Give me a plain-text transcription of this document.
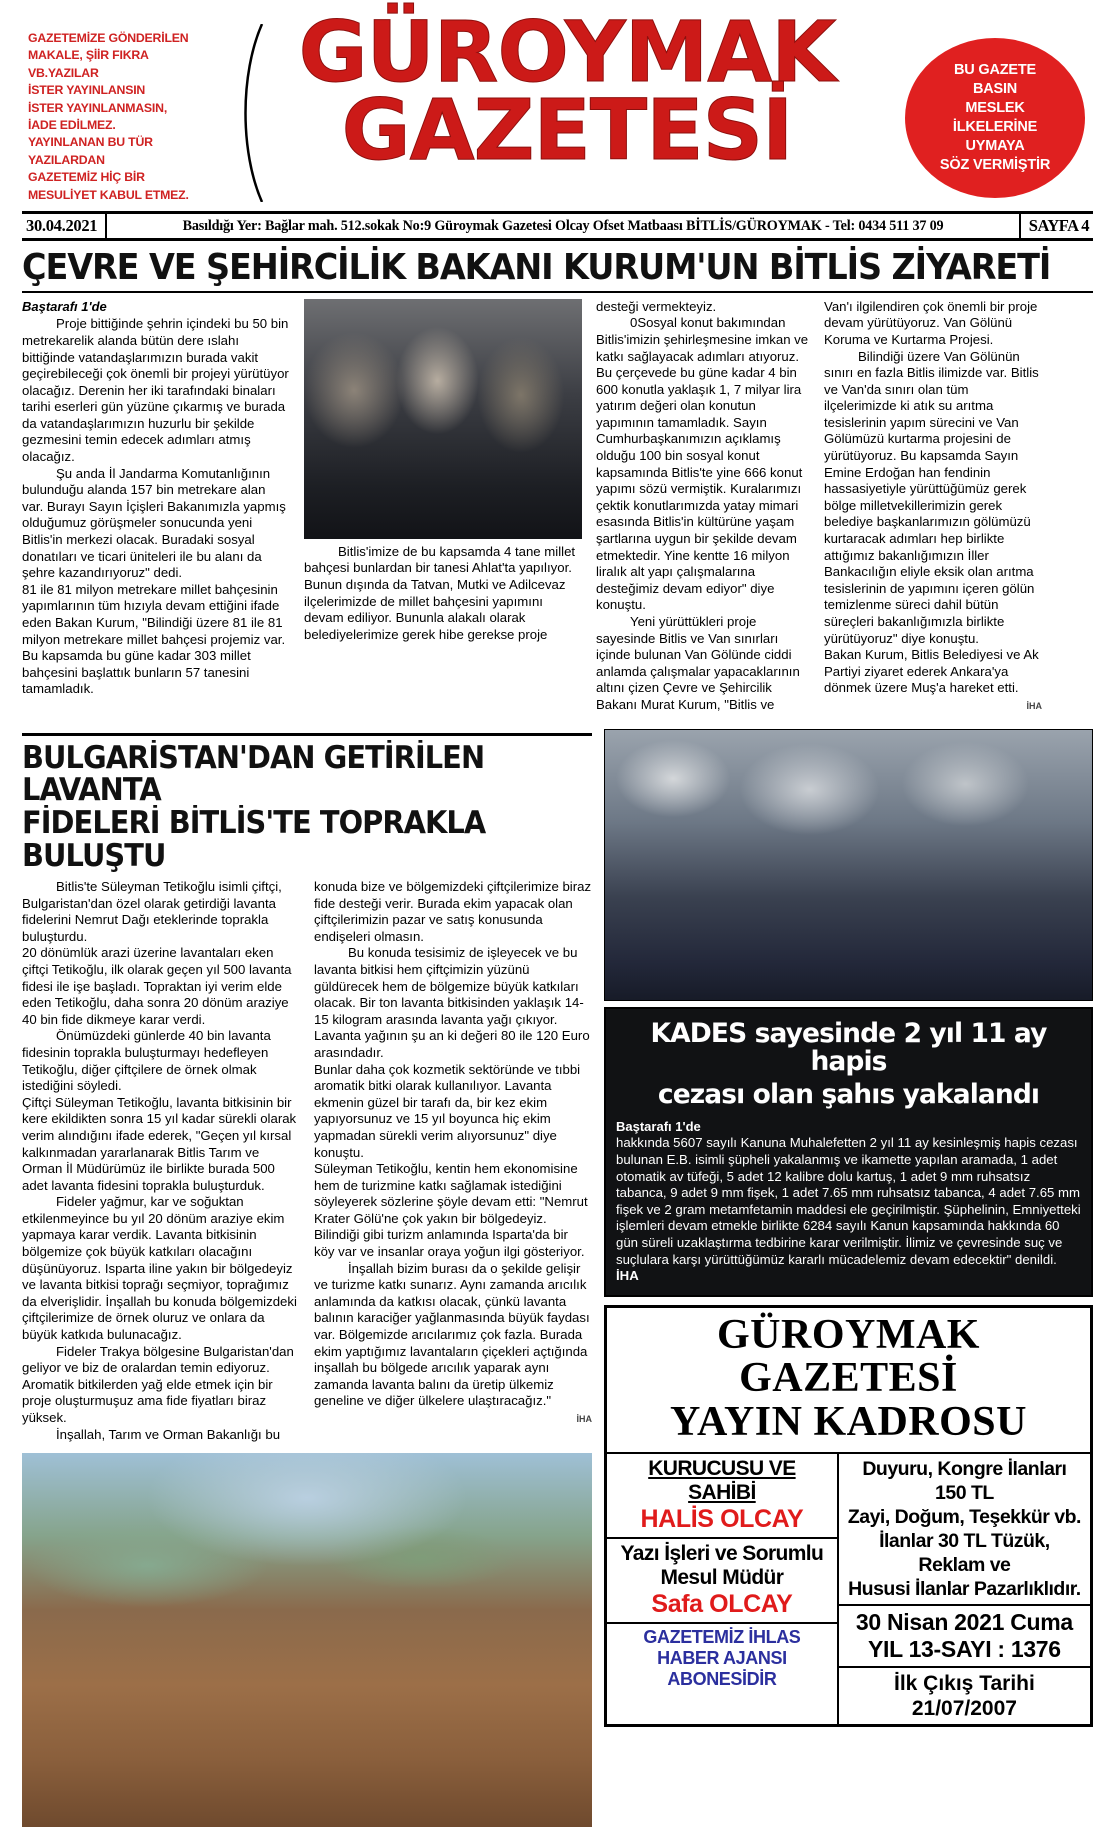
GAZETEMİZE GÖNDERİLEN
MAKALE, ŞİİR FIKRA
VB.YAZILAR
İSTER YAYINLANSIN
İSTER YAYINLANMASIN,
İADE EDİLMEZ.
YAYINLANAN BU TÜR
YAZILARDAN
GAZETEMİZ HİÇ BİR
MESULİYET KABUL ETMEZ.
GÜROYMAK
GAZETESİ
BU GAZETE
BASIN
MESLEK
İLKELERİNE
UYMAYA
SÖZ VERMİŞTİR
30.04.2021	Basıldığı Yer: Bağlar mah. 512.sokak No:9 Güroymak Gazetesi Olcay Ofset Matbaası BİTLİS/GÜROYMAK - Tel: 0434 511 37 09	SAYFA 4
ÇEVRE VE ŞEHİRCİLİK BAKANI KURUM'UN BİTLİS ZİYARETİ
Baştarafı 1'de

Proje bittiğinde şehrin içindeki bu 50 bin metrekarelik alanda bütün dere ıslahı bittiğinde vatandaşlarımızın burada vakit geçirebileceği çok önemli bir projeyi yürütüyor olacağız. Derenin her iki tarafındaki binaları tarihi eserleri gün yüzüne çıkarmış ve burada da vatandaşlarımızın huzurlu bir şekilde gezmesini temin edecek adımları atmış olacağız.

Şu anda İl Jandarma Komutanlığının bulunduğu alanda 157 bin metrekare alan var. Burayı Sayın İçişleri Bakanımızla yapmış olduğumuz görüşmeler sonucunda yeni Bitlis'in merkezi olacak. Buradaki sosyal donatıları ve ticari üniteleri ile bu alanı da şehre kazandırıyoruz" dedi.

81 ile 81 milyon metrekare millet bahçesinin yapımlarının tüm hızıyla devam ettiğini ifade eden Bakan Kurum, "Bilindiği üzere 81 ile 81 milyon metrekare millet bahçesi projemiz var. Bu kapsamda bu güne kadar 303 millet bahçesini başlattık bunların 57 tanesini tamamladık.

Bitlis'imize de bu kapsamda 4 tane millet bahçesi bunlardan bir tanesi Ahlat'ta yapılıyor. Bunun dışında da Tatvan, Mutki ve Adilcevaz ilçelerimizde de millet bahçesini yapımını devam ediliyor. Bununla alakalı olarak belediyelerimize gerek hibe gerekse proje

desteği vermekteyiz.

0Sosyal konut bakımından Bitlis'imizin şehirleşmesine imkan ve katkı sağlayacak adımları atıyoruz. Bu çerçevede bu güne kadar 4 bin 600 konutla yaklaşık 1, 7 milyar lira yatırım değeri olan konutun yapımının tamamladık. Sayın Cumhurbaşkanımızın açıklamış olduğu 100 bin sosyal konut kapsamında Bitlis'te yine 666 konut yapımı sözü vermiştik. Kuralarımızı çektik konutlarımızda yatay mimari esasında Bitlis'in kültürüne yaşam şartlarına uygun bir şekilde devam etmektedir. Yine kentte 16 milyon liralık alt yapı çalışmalarına desteğimiz devam ediyor" diye konuştu.

Yeni yürüttükleri proje sayesinde Bitlis ve Van sınırları içinde bulunan Van Gölünde ciddi anlamda çalışmalar yapacaklarının altını çizen Çevre ve Şehircilik Bakanı Murat Kurum, "Bitlis ve

Van'ı ilgilendiren çok önemli bir proje devam yürütüyoruz. Van Gölünü Koruma ve Kurtarma Projesi.

Bilindiği üzere Van Gölünün sınırı en fazla Bitlis ilimizde var. Bitlis ve Van'da sınırı olan tüm ilçelerimizde ki atık su arıtma tesislerinin yapım sürecini ve Van Gölümüzü kurtarma projesini de yürütüyoruz. Bu kapsamda Sayın Emine Erdoğan han fendinin hassasiyetiyle yürüttüğümüz gerek bölge milletvekillerimizin gerek belediye başkanlarımızın gölümüzü kurtaracak adımları hep birlikte attığımız bakanlığımızın İller Bankacılığın eliyle eksik olan arıtma tesislerinin de yapımını içeren gölün temizlenme süreci dahil bütün süreçleri bakanlığımızla birlikte yürütüyoruz" diye konuştu.

Bakan Kurum, Bitlis Belediyesi ve Ak Partiyi ziyaret ederek Ankara'ya dönmek üzere Muş'a hareket etti.

İHA
BULGARİSTAN'DAN GETİRİLEN LAVANTA
FİDELERİ BİTLİS'TE TOPRAKLA BULUŞTU

Bitlis'te Süleyman Tetikoğlu isimli çiftçi, Bulgaristan'dan özel olarak getirdiği lavanta fidelerini Nemrut Dağı eteklerinde toprakla buluşturdu.

20 dönümlük arazi üzerine lavantaları eken çiftçi Tetikoğlu, ilk olarak geçen yıl 500 lavanta fidesi ile işe başladı. Topraktan iyi verim elde eden Tetikoğlu, daha sonra 20 dönüm araziye 40 bin fide dikmeye karar verdi.

Önümüzdeki günlerde 40 bin lavanta fidesinin toprakla buluşturmayı hedefleyen Tetikoğlu, diğer çiftçilere de örnek olmak istediğini söyledi.

Çiftçi Süleyman Tetikoğlu, lavanta bitkisinin bir kere ekildikten sonra 15 yıl kadar sürekli olarak verim alındığını ifade ederek, "Geçen yıl kırsal kalkınmadan yararlanarak Bitlis Tarım ve Orman İl Müdürümüz ile birlikte burada 500 adet lavanta fidesini toprakla buluşturduk.

Fideler yağmur, kar ve soğuktan etkilenmeyince bu yıl 20 dönüm araziye ekim yapmaya karar verdik. Lavanta bitkisinin bölgemize çok büyük katkıları olacağını düşünüyoruz. Isparta iline yakın bir bölgedeyiz ve lavanta bitkisi toprağı seçmiyor, toprağımız da elverişlidir. İnşallah bu konuda bölgemizdeki çiftçilerimize de örnek oluruz ve onlara da büyük katkıda bulunacağız.

Fideler Trakya bölgesine Bulgaristan'dan geliyor ve biz de oralardan temin ediyoruz. Aromatik bitkilerden yağ elde etmek için bir proje oluşturmuşuz ama fide fiyatları biraz yüksek.

İnşallah, Tarım ve Orman Bakanlığı bu

konuda bize ve bölgemizdeki çiftçilerimize biraz fide desteği verir. Burada ekim yapacak olan çiftçilerimizin pazar ve satış konusunda endişeleri olmasın.

Bu konuda tesisimiz de işleyecek ve bu lavanta bitkisi hem çiftçimizin yüzünü güldürecek hem de bölgemize büyük katkıları olacak. Bir ton lavanta bitkisinden yaklaşık 14-15 kilogram arasında lavanta yağı çıkıyor. Lavanta yağının şu an ki değeri 80 ile 120 Euro arasındadır.

Bunlar daha çok kozmetik sektöründe ve tıbbi aromatik bitki olarak kullanılıyor. Lavanta ekmenin güzel bir tarafı da, bir kez ekim yapıyorsunuz ve 15 yıl boyunca hiç ekim yapmadan sürekli verim alıyorsunuz" diye konuştu.

Süleyman Tetikoğlu, kentin hem ekonomisine hem de turizmine katkı sağlamak istediğini söyleyerek sözlerine şöyle devam etti: "Nemrut Krater Gölü'ne çok yakın bir bölgedeyiz. Bilindiği gibi turizm anlamında Isparta'da bir köy var ve insanlar oraya yoğun ilgi gösteriyor.

İnşallah bizim burası da o şekilde gelişir ve turizme katkı sunarız. Aynı zamanda arıcılık anlamında da katkısı olacak, çünkü lavanta balının karaciğer yağlanmasında büyük faydası var. Bölgemizde arıcılarımız çok fazla. Burada ekim yaptığımız lavantaların çiçekleri açtığında inşallah bu bölgede arıcılık yaparak aynı zamanda lavanta balını da üretip ülkemiz geneline ve diğer ülkelere ulaştıracağız."

İHA
KADES sayesinde 2 yıl 11 ay hapis
cezası olan şahıs yakalandı
Baştarafı 1'de
hakkında 5607 sayılı Kanuna Muhalefetten 2 yıl 11 ay kesinleşmiş hapis cezası bulunan E.B. isimli şüpheli yakalanmış ve ikamette yapılan aramada, 1 adet otomatik av tüfeği, 5 adet 12 kalibre dolu kartuş, 1 adet 9 mm ruhsatsız tabanca, 9 adet 9 mm fişek, 1 adet 7.65 mm ruhsatsız tabanca, 4 adet 7.65 mm fişek ve 2 gram metamfetamin maddesi ele geçirilmiştir. Şüphelinin, Emniyetteki işlemleri devam etmekle birlikte 6284 sayılı Kanun kapsamında hakkında 60 gün süreli uzaklaştırma tedbirine karar verilmiştir. İlimiz ve çevresinde suç ve suçlulara karşı yürüttüğümüz kararlı mücadelemiz devam edecektir" denildi. İHA
GÜROYMAK GAZETESİ
YAYIN KADROSU
KURUCUSU VE SAHİBİ
HALİS OLCAY
Yazı İşleri ve Sorumlu
Mesul Müdür
Safa OLCAY
GAZETEMİZ İHLAS
HABER AJANSI ABONESİDİR
Duyuru, Kongre İlanları 150 TL
Zayi, Doğum, Teşekkür vb.
İlanlar 30 TL Tüzük, Reklam ve
Hususi İlanlar Pazarlıklıdır.
30 Nisan 2021 Cuma
YIL 13-SAYI : 1376
İlk Çıkış Tarihi
21/07/2007
